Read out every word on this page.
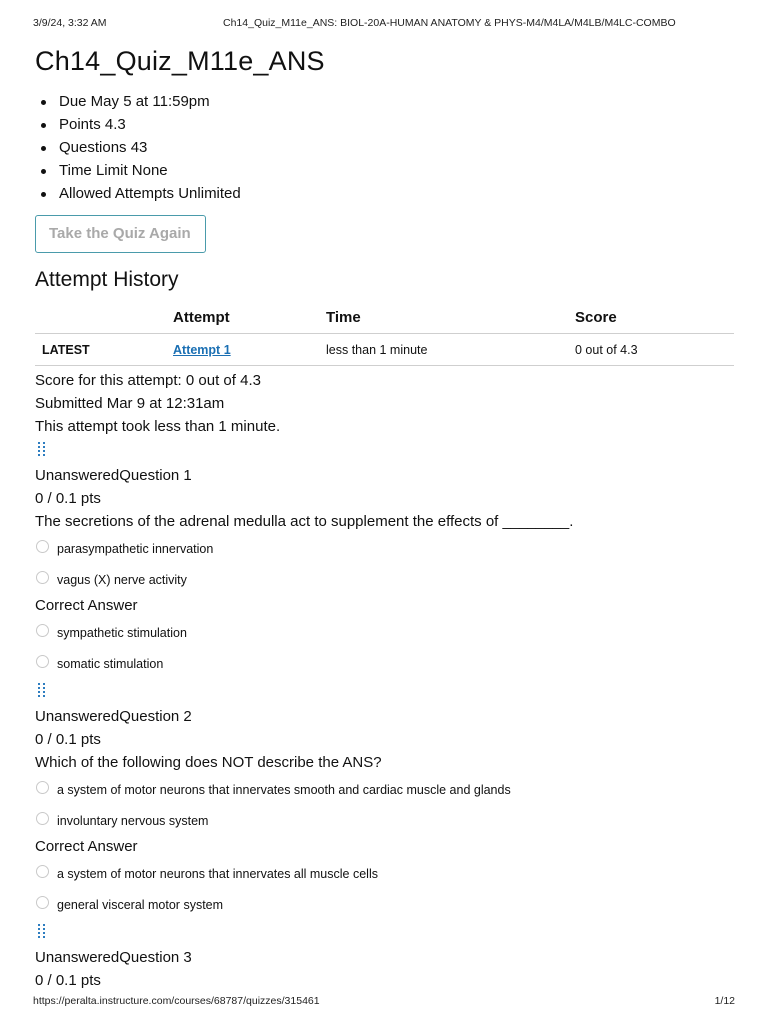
3/9/24, 3:32 AM	Ch14_Quiz_M11e_ANS: BIOL-20A-HUMAN ANATOMY & PHYS-M4/M4LA/M4LB/M4LC-COMBO
Ch14_Quiz_M11e_ANS
Due May 5 at 11:59pm
Points 4.3
Questions 43
Time Limit None
Allowed Attempts Unlimited
Take the Quiz Again
Attempt History
	Attempt	Time	Score
LATEST	Attempt 1	less than 1 minute	0 out of 4.3

Score for this attempt: 0 out of 4.3

Submitted Mar 9 at 12:31am

This attempt took less than 1 minute.

UnansweredQuestion 1
0 / 0.1 pts
The secretions of the adrenal medulla act to supplement the effects of ________.
parasympathetic innervation
vagus (X) nerve activity
Correct Answer
sympathetic stimulation
somatic stimulation
UnansweredQuestion 2
0 / 0.1 pts
Which of the following does NOT describe the ANS?
a system of motor neurons that innervates smooth and cardiac muscle and glands
involuntary nervous system
Correct Answer
a system of motor neurons that innervates all muscle cells
general visceral motor system
UnansweredQuestion 3
0 / 0.1 pts
https://peralta.instructure.com/courses/68787/quizzes/315461	1/12
